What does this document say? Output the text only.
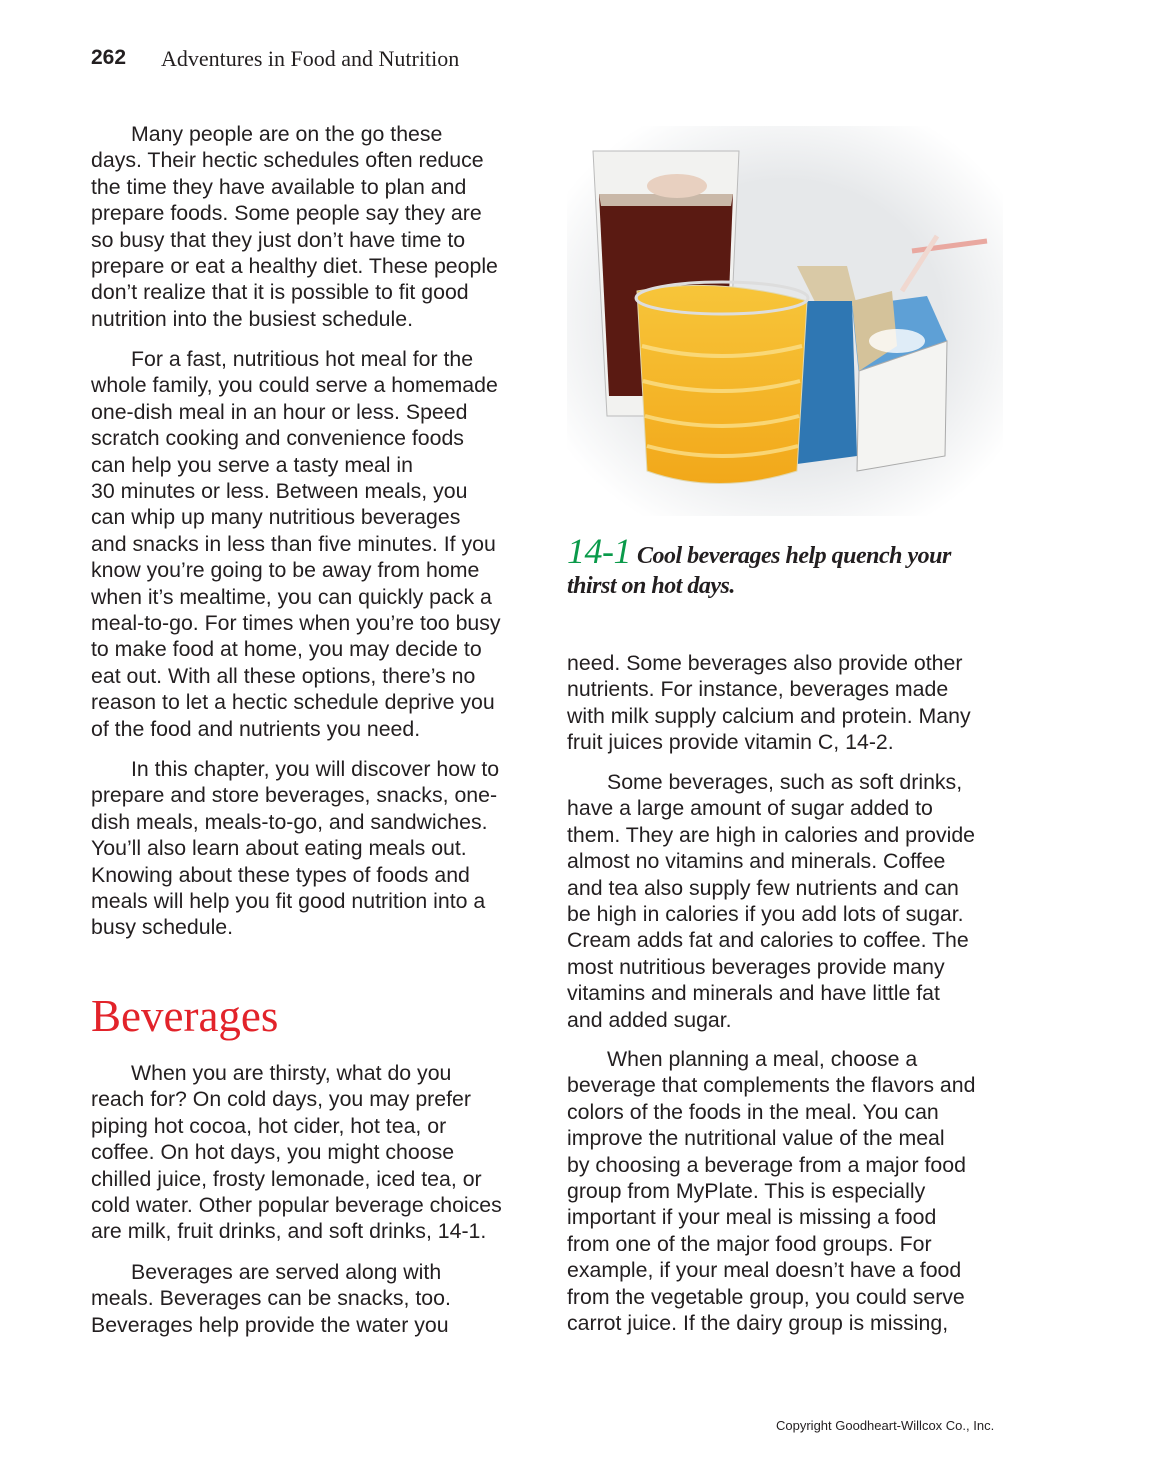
262 Adventures in Food and Nutrition
Many people are on the go these
days. Their hectic schedules often reduce
the time they have available to plan and
prepare foods. Some people say they are
so busy that they just don’t have time to
prepare or eat a healthy diet. These people
don’t realize that it is possible to fit good
nutrition into the busiest schedule.
For a fast, nutritious hot meal for the
whole family, you could serve a homemade
one-dish meal in an hour or less. Speed
scratch cooking and convenience foods
can help you serve a tasty meal in
30 minutes or less. Between meals, you
can whip up many nutritious beverages
and snacks in less than five minutes. If you
know you’re going to be away from home
when it’s mealtime, you can quickly pack a
meal-to-go. For times when you’re too busy
to make food at home, you may decide to
eat out. With all these options, there’s no
reason to let a hectic schedule deprive you
of the food and nutrients you need.
In this chapter, you will discover how to
prepare and store beverages, snacks, one-
dish meals, meals-to-go, and sandwiches.
You’ll also learn about eating meals out.
Knowing about these types of foods and
meals will help you fit good nutrition into a
busy schedule.
Beverages
When you are thirsty, what do you
reach for? On cold days, you may prefer
piping hot cocoa, hot cider, hot tea, or
coffee. On hot days, you might choose
chilled juice, frosty lemonade, iced tea, or
cold water. Other popular beverage choices
are milk, fruit drinks, and soft drinks, 14-1.
Beverages are served along with
meals. Beverages can be snacks, too.
Beverages help provide the water you
14-1 Cool beverages help quench your
thirst on hot days.
need. Some beverages also provide other
nutrients. For instance, beverages made
with milk supply calcium and protein. Many
fruit juices provide vitamin C, 14-2.
Some beverages, such as soft drinks,
have a large amount of sugar added to
them. They are high in calories and provide
almost no vitamins and minerals. Coffee
and tea also supply few nutrients and can
be high in calories if you add lots of sugar.
Cream adds fat and calories to coffee. The
most nutritious beverages provide many
vitamins and minerals and have little fat
and added sugar.
When planning a meal, choose a
beverage that complements the flavors and
colors of the foods in the meal. You can
improve the nutritional value of the meal
by choosing a beverage from a major food
group from MyPlate. This is especially
important if your meal is missing a food
from one of the major food groups. For
example, if your meal doesn’t have a food
from the vegetable group, you could serve
carrot juice. If the dairy group is missing,
Copyright Goodheart-Willcox Co., Inc.
